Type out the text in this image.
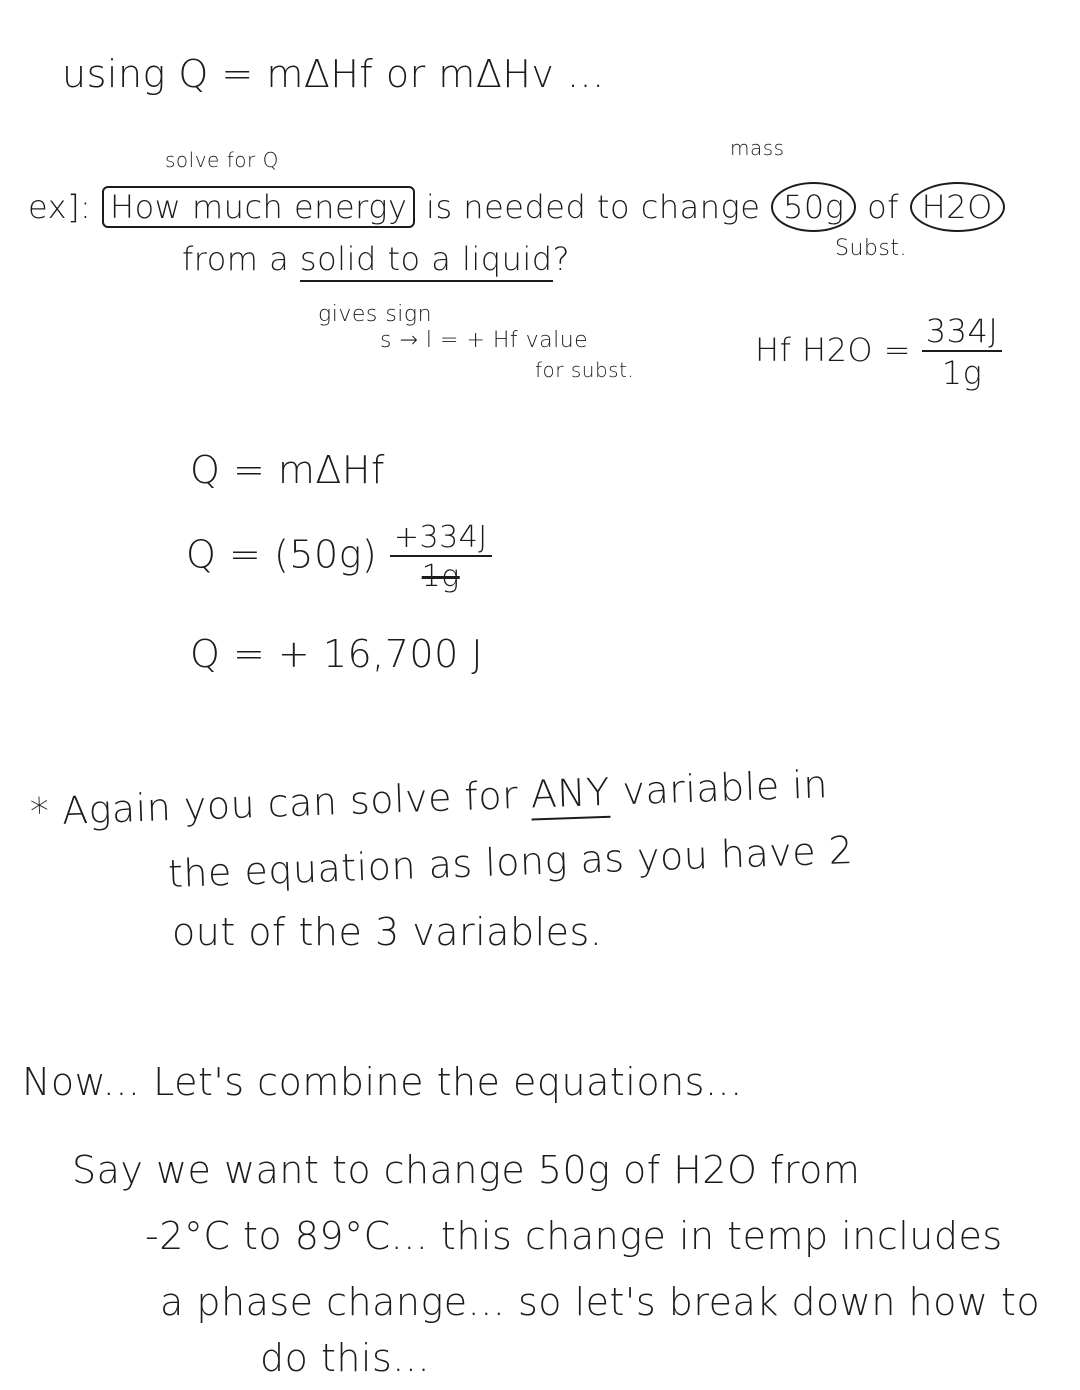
using Q = mΔHf or mΔHv ...
solve for Q	mass
ex]: How much energy is needed to change 50g of H2O
Subst.
from a solid to a liquid?
gives sign
s → l = + Hf value
for subst.
Hf $H2O = \frac{334J}{1g}$
Q = mΔHf
$Q = (50g) \frac{+334J}{1g}$
Q = + 16,700 J
* Again you can solve for ANY variable in
the equation as long as you have 2
out of the 3 variables.
Now... Let's combine the equations...
Say we want to change 50g of H2O from
-2°C to 89°C... this change in temp includes
a phase change... so let's break down how to
do this...
